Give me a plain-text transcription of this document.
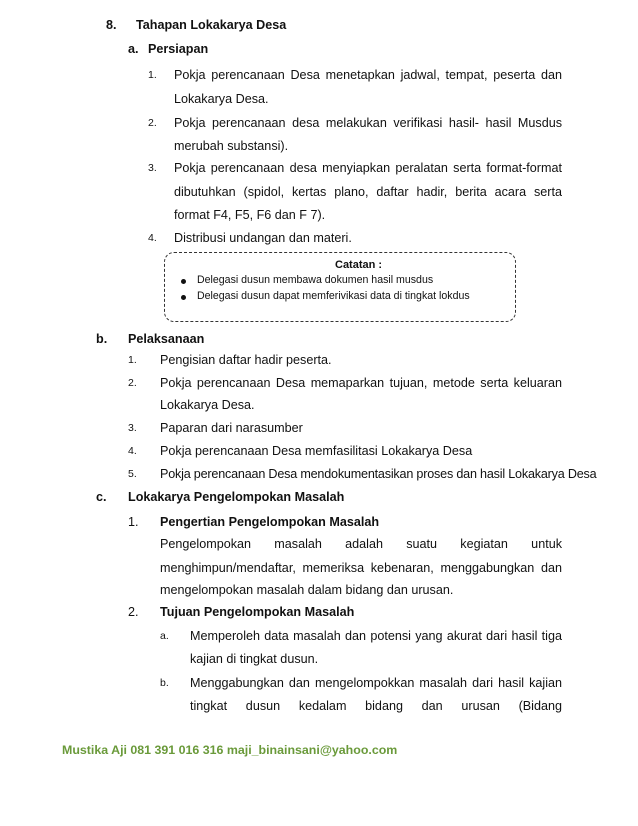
8. Tahapan Lokakarya Desa
a. Persiapan
1. Pokja perencanaan Desa menetapkan jadwal, tempat, peserta dan
Lokakarya Desa.
2. Pokja perencanaan desa melakukan verifikasi hasil- hasil Musdus
merubah substansi).
3. Pokja perencanaan desa menyiapkan peralatan serta format-format
dibutuhkan (spidol, kertas plano, daftar hadir, berita acara serta
format F4, F5, F6 dan F 7).
4. Distribusi undangan dan materi.
Catatan :
Delegasi dusun membawa dokumen hasil musdus
Delegasi dusun dapat memferivikasi data di tingkat lokdus
b. Pelaksanaan
1. Pengisian daftar hadir peserta.
2. Pokja perencanaan Desa memaparkan tujuan, metode serta keluaran
Lokakarya Desa.
3. Paparan dari narasumber
4. Pokja perencanaan Desa memfasilitasi Lokakarya Desa
5. Pokja perencanaan Desa mendokumentasikan proses dan hasil Lokakarya Desa
c. Lokakarya Pengelompokan Masalah
1. Pengertian Pengelompokan Masalah
Pengelompokan masalah adalah suatu kegiatan untuk
menghimpun/mendaftar, memeriksa kebenaran, menggabungkan dan
mengelompokan masalah dalam bidang dan urusan.
2. Tujuan Pengelompokan Masalah
a. Memperoleh data masalah dan potensi yang akurat dari hasil tiga
kajian di tingkat dusun.
b. Menggabungkan dan mengelompokkan masalah dari hasil kajian
tingkat dusun kedalam bidang dan urusan (Bidang
Mustika Aji 081 391 016 316 maji_binainsani@yahoo.com
